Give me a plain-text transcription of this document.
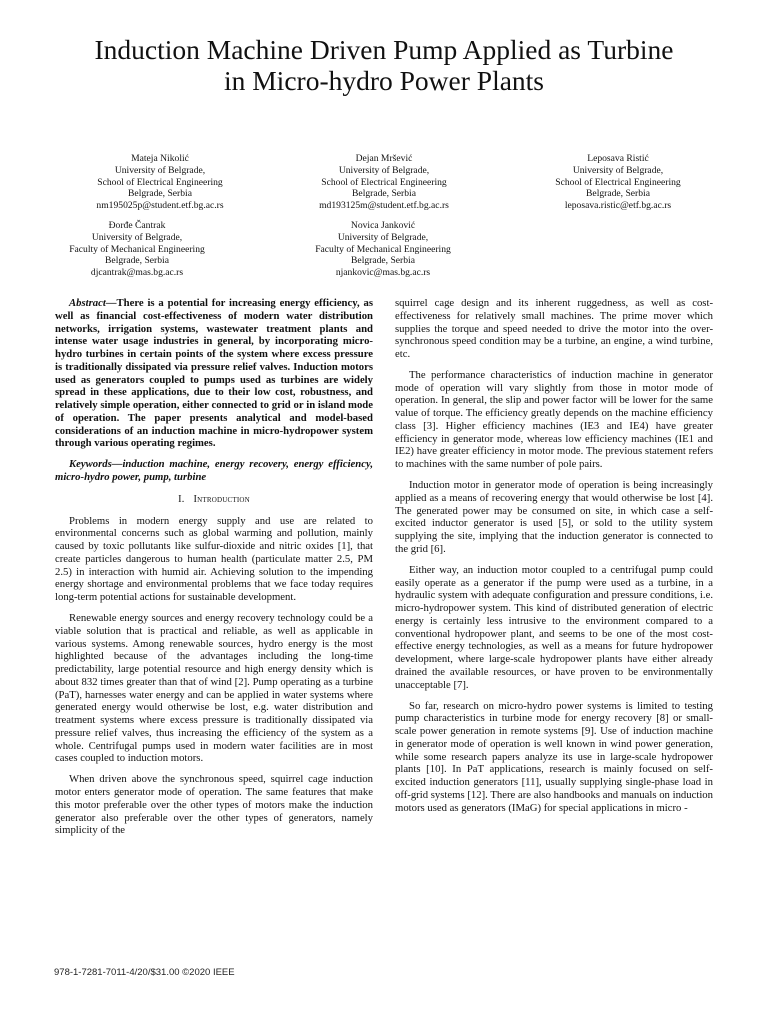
Induction Machine Driven Pump Applied as Turbine
in Micro-hydro Power Plants
Mateja Nikolić
University of Belgrade,
School of Electrical Engineering
Belgrade, Serbia
nm195025p@student.etf.bg.ac.rs
Dejan Mršević
University of Belgrade,
School of Electrical Engineering
Belgrade, Serbia
md193125m@student.etf.bg.ac.rs
Leposava Ristić
University of Belgrade,
School of Electrical Engineering
Belgrade, Serbia
leposava.ristic@etf.bg.ac.rs
Đorđe Čantrak
University of Belgrade,
Faculty of Mechanical Engineering
Belgrade, Serbia
djcantrak@mas.bg.ac.rs
Novica Janković
University of Belgrade,
Faculty of Mechanical Engineering
Belgrade, Serbia
njankovic@mas.bg.ac.rs

Abstract—There is a potential for increasing energy efficiency, as well as financial cost-effectiveness of modern water distribution networks, irrigation systems, wastewater treatment plants and intense water usage industries in general, by incorporating micro-hydro turbines in certain points of the system where excess pressure is traditionally dissipated via pressure relief valves. Induction motors used as generators coupled to pumps used as turbines are widely spread in these applications, due to their low cost, robustness, and relatively simple operation, either connected to grid or in island mode of operation. The paper presents analytical and model-based considerations of an induction machine in micro-hydropower system through various operating regimes.

Keywords—induction machine, energy recovery, energy efficiency, micro-hydro power, pump, turbine

I. Introduction

Problems in modern energy supply and use are related to environmental concerns such as global warming and pollution, mainly caused by toxic pollutants like sulfur-dioxide and nitric oxides [1], that create particles dangerous to human health (particulate matter 2.5, PM 2.5) in interaction with humid air. Achieving solution to the impending energy shortage and environmental problems that we face today requires long-term potential actions for sustainable development.

Renewable energy sources and energy recovery technology could be a viable solution that is practical and reliable, as well as applicable in various systems. Among renewable sources, hydro energy is the most highlighted because of the advantages including the long-time predictability, large potential resource and high energy density which is about 832 times greater than that of wind [2]. Pump operating as a turbine (PaT), harnesses water energy and can be applied in water systems where generated energy would otherwise be lost, e.g. water distribution and treatment systems where excess pressure is traditionally dissipated via pressure relief valves, thus increasing the efficiency of the system as a whole. Centrifugal pumps used in modern water facilities are in most cases coupled to induction motors.

When driven above the synchronous speed, squirrel cage induction motor enters generator mode of operation. The same features that make this motor preferable over the other types of motors make the induction generator also preferable over the other types of generators, namely simplicity of the

squirrel cage design and its inherent ruggedness, as well as cost-effectiveness for relatively small machines. The prime mover which supplies the torque and speed needed to drive the motor into the over-synchronous speed condition may be a turbine, an engine, a wind turbine, etc.

The performance characteristics of induction machine in generator mode of operation will vary slightly from those in motor mode of operation. In general, the slip and power factor will be lower for the same value of torque. The efficiency greatly depends on the machine efficiency class [3]. Higher efficiency machines (IE3 and IE4) have greater efficiency in generator mode, whereas low efficiency machines (IE1 and IE2) have greater efficiency in motor mode. The previous statement refers to machines with the same number of pole pairs.

Induction motor in generator mode of operation is being increasingly applied as a means of recovering energy that would otherwise be lost [4]. The generated power may be consumed on site, in which case a self-excited inductor generator is used [5], or sold to the utility system supplying the site, implying that the induction generator is connected to the grid [6].

Either way, an induction motor coupled to a centrifugal pump could easily operate as a generator if the pump were used as a turbine, in a hydraulic system with adequate configuration and pressure conditions, i.e. micro-hydropower system. This kind of distributed generation of electric energy is certainly less intrusive to the environment compared to a conventional hydropower plant, and seems to be one of the most cost-effective energy technologies, as well as a means for future hydropower development, where large-scale hydropower plants have either already drained the available resources, or have proven to be environmentally unacceptable [7].

So far, research on micro-hydro power systems is limited to testing pump characteristics in turbine mode for energy recovery [8] or small-scale power generation in remote systems [9]. Use of induction machine in generator mode of operation is well known in wind power generation, while some research papers analyze its use in large-scale hydropower plants [10]. In PaT applications, research is mainly focused on self-excited induction generators [11], usually supplying single-phase load in off-grid systems [12]. There are also handbooks and manuals on induction motors used as generators (IMaG) for special applications in micro -

978-1-7281-7011-4/20/$31.00 ©2020 IEEE
